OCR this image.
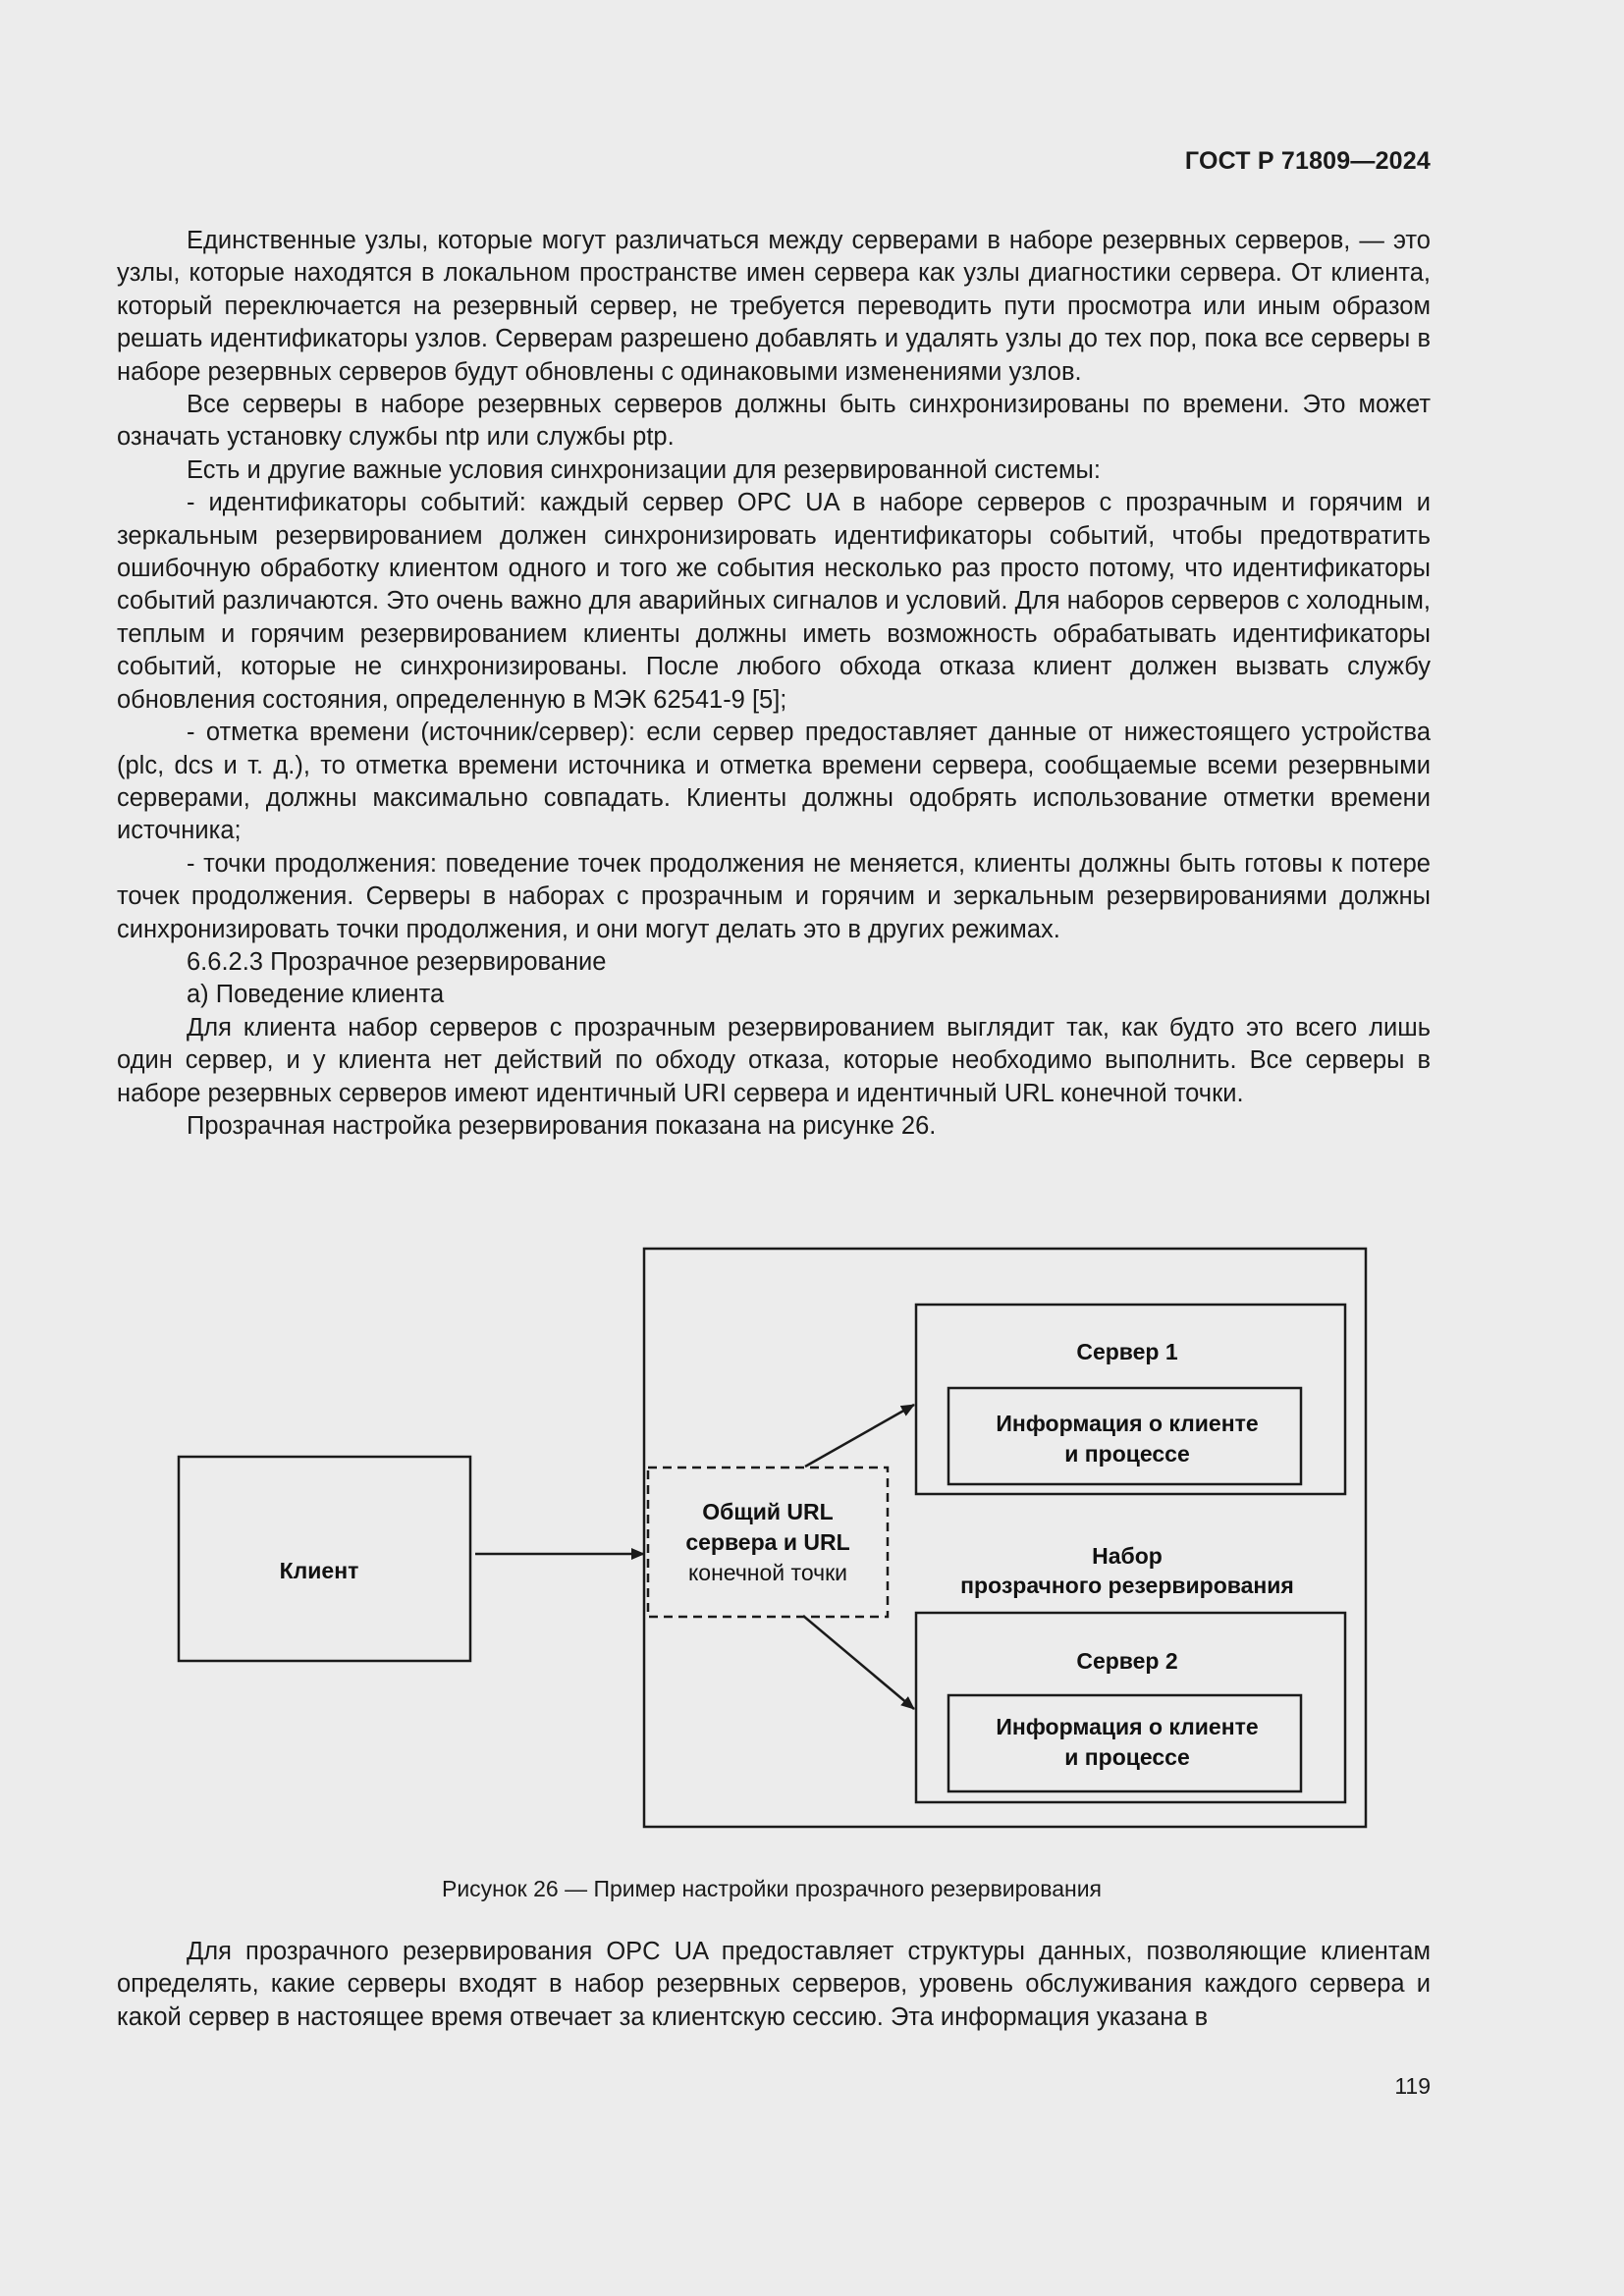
ГОСТ Р 71809—2024

Единственные узлы, которые могут различаться между серверами в наборе резервных серверов, — это узлы, которые находятся в локальном пространстве имен сервера как узлы диагностики сервера. От клиента, который переключается на резервный сервер, не требуется переводить пути просмотра или иным образом решать идентификаторы узлов. Серверам разрешено добавлять и удалять узлы до тех пор, пока все серверы в наборе резервных серверов будут обновлены с одинаковыми изменениями узлов.

Все серверы в наборе резервных серверов должны быть синхронизированы по времени. Это может означать установку службы ntp или службы ptp.

Есть и другие важные условия синхронизации для резервированной системы:

- идентификаторы событий: каждый сервер OPC UA в наборе серверов с прозрачным и горячим и зеркальным резервированием должен синхронизировать идентификаторы событий, чтобы предотвратить ошибочную обработку клиентом одного и того же события несколько раз просто потому, что идентификаторы событий различаются. Это очень важно для аварийных сигналов и условий. Для наборов серверов с холодным, теплым и горячим резервированием клиенты должны иметь возможность обрабатывать идентификаторы событий, которые не синхронизированы. После любого обхода отказа клиент должен вызвать службу обновления состояния, определенную в МЭК 62541-9 [5];

- отметка времени (источник/сервер): если сервер предоставляет данные от нижестоящего устройства (plc, dcs и т. д.), то отметка времени источника и отметка времени сервера, сообщаемые всеми резервными серверами, должны максимально совпадать. Клиенты должны одобрять использование отметки времени источника;

- точки продолжения: поведение точек продолжения не меняется, клиенты должны быть готовы к потере точек продолжения. Серверы в наборах с прозрачным и горячим и зеркальным резервированиями должны синхронизировать точки продолжения, и они могут делать это в других режимах.

6.6.2.3 Прозрачное резервирование

а) Поведение клиента

Для клиента набор серверов с прозрачным резервированием выглядит так, как будто это всего лишь один сервер, и у клиента нет действий по обходу отказа, которые необходимо выполнить. Все серверы в наборе резервных серверов имеют идентичный URI сервера и идентичный URL конечной точки.

Прозрачная настройка резервирования показана на рисунке 26.

Клиент
Общий URL
сервера и URL
конечной точки
Сервер 1
Информация о клиенте
и процессе
Набор
прозрачного резервирования
Сервер 2
Информация о клиенте
и процессе
Рисунок 26 — Пример настройки прозрачного резервирования

Для прозрачного резервирования OPC UA предоставляет структуры данных, позволяющие клиентам определять, какие серверы входят в набор резервных серверов, уровень обслуживания каждого сервера и какой сервер в настоящее время отвечает за клиентскую сессию. Эта информация указана в

119
